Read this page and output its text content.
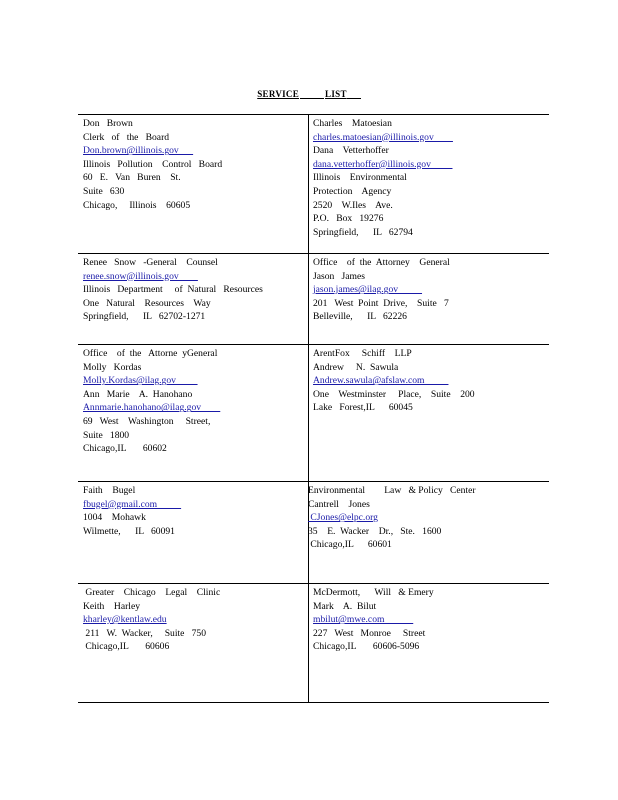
SERVICE	LIST
Don   Brown
Clerk   of   the   Board
Don.brown@illinois.gov
Illinois   Pollution    Control   Board
60   E.   Van   Buren    St.
Suite   630
Chicago,     Illinois    60605
Charles    Matoesian
charles.matoesian@illinois.gov
Dana    Vetterhoffer
dana.vetterhoffer@illinois.gov
Illinois    Environmental
Protection    Agency
2520    W.Iles    Ave.
P.O.   Box   19276
Springfield,      IL   62794
Renee   Snow   -General    Counsel
renee.snow@illinois.gov
Illinois   Department     of  Natural   Resources
One   Natural    Resources    Way
Springfield,      IL   62702-1271
Office    of  the  Attorney    General
Jason   James
jason.james@ilag.gov
201   West  Point  Drive,    Suite   7
Belleville,      IL   62226
Office    of  the   Attorne  yGeneral
Molly   Kordas
Molly.Kordas@ilag.gov
Ann   Marie    A.  Hanohano
Annmarie.hanohano@ilag.gov
69   West    Washington     Street,
Suite   1800
Chicago,IL       60602
ArentFox     Schiff    LLP
Andrew     N.  Sawula
Andrew.sawula@afslaw.com
One    Westminster     Place,    Suite    200
Lake   Forest,IL      60045
Faith    Bugel
fbugel@gmail.com
1004    Mohawk
Wilmette,      IL   60091
Environmental        Law   & Policy   Center
Cantrell    Jones
CJones@elpc.org
35    E.  Wacker    Dr.,   Ste.   1600
Chicago,IL      60601
Greater    Chicago    Legal    Clinic
Keith    Harley
kharley@kentlaw.edu
211   W.  Wacker,     Suite   750
Chicago,IL       60606
McDermott,      Will   & Emery
Mark    A.  Bilut
mbilut@mwe.com
227   West   Monroe     Street
Chicago,IL       60606-5096
